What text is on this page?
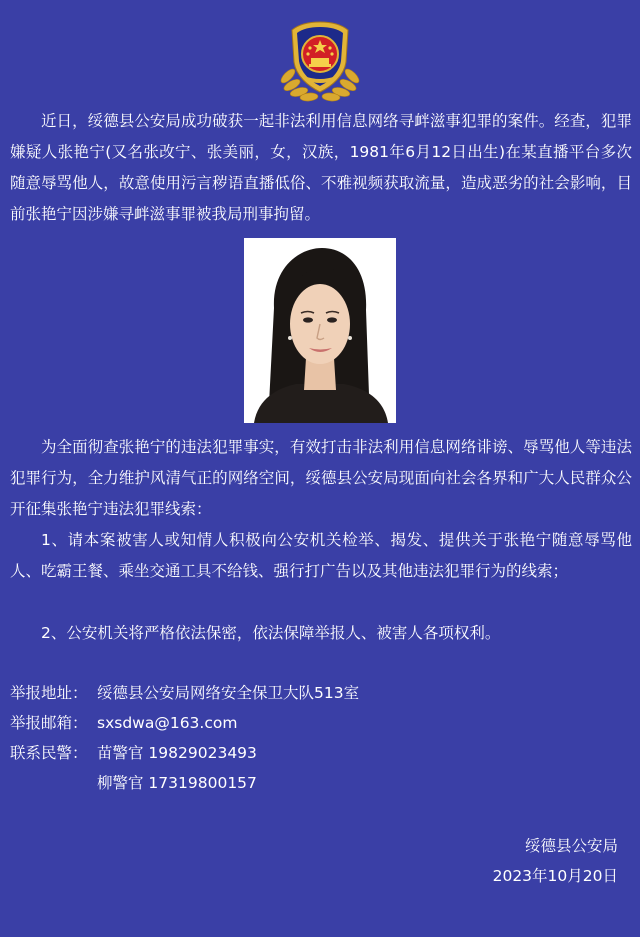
近日，绥德县公安局成功破获一起非法利用信息网络寻衅滋事犯罪的案件。经查，犯罪嫌疑人张艳宁(又名张改宁、张美丽，女，汉族，1981年6月12日出生)在某直播平台多次随意辱骂他人，故意使用污言秽语直播低俗、不雅视频获取流量，造成恶劣的社会影响，目前张艳宁因涉嫌寻衅滋事罪被我局刑事拘留。

为全面彻查张艳宁的违法犯罪事实，有效打击非法利用信息网络诽谤、辱骂他人等违法犯罪行为，全力维护风清气正的网络空间，绥德县公安局现面向社会各界和广大人民群众公开征集张艳宁违法犯罪线索：

1、请本案被害人或知情人积极向公安机关检举、揭发、提供关于张艳宁随意辱骂他人、吃霸王餐、乘坐交通工具不给钱、强行打广告以及其他违法犯罪行为的线索；

2、公安机关将严格依法保密，依法保障举报人、被害人各项权利。

举报地址： 绥德县公安局网络安全保卫大队513室
举报邮箱： sxsdwa@163.com
联系民警： 苗警官 19829023493
柳警官 17319800157
绥德县公安局
2023年10月20日
